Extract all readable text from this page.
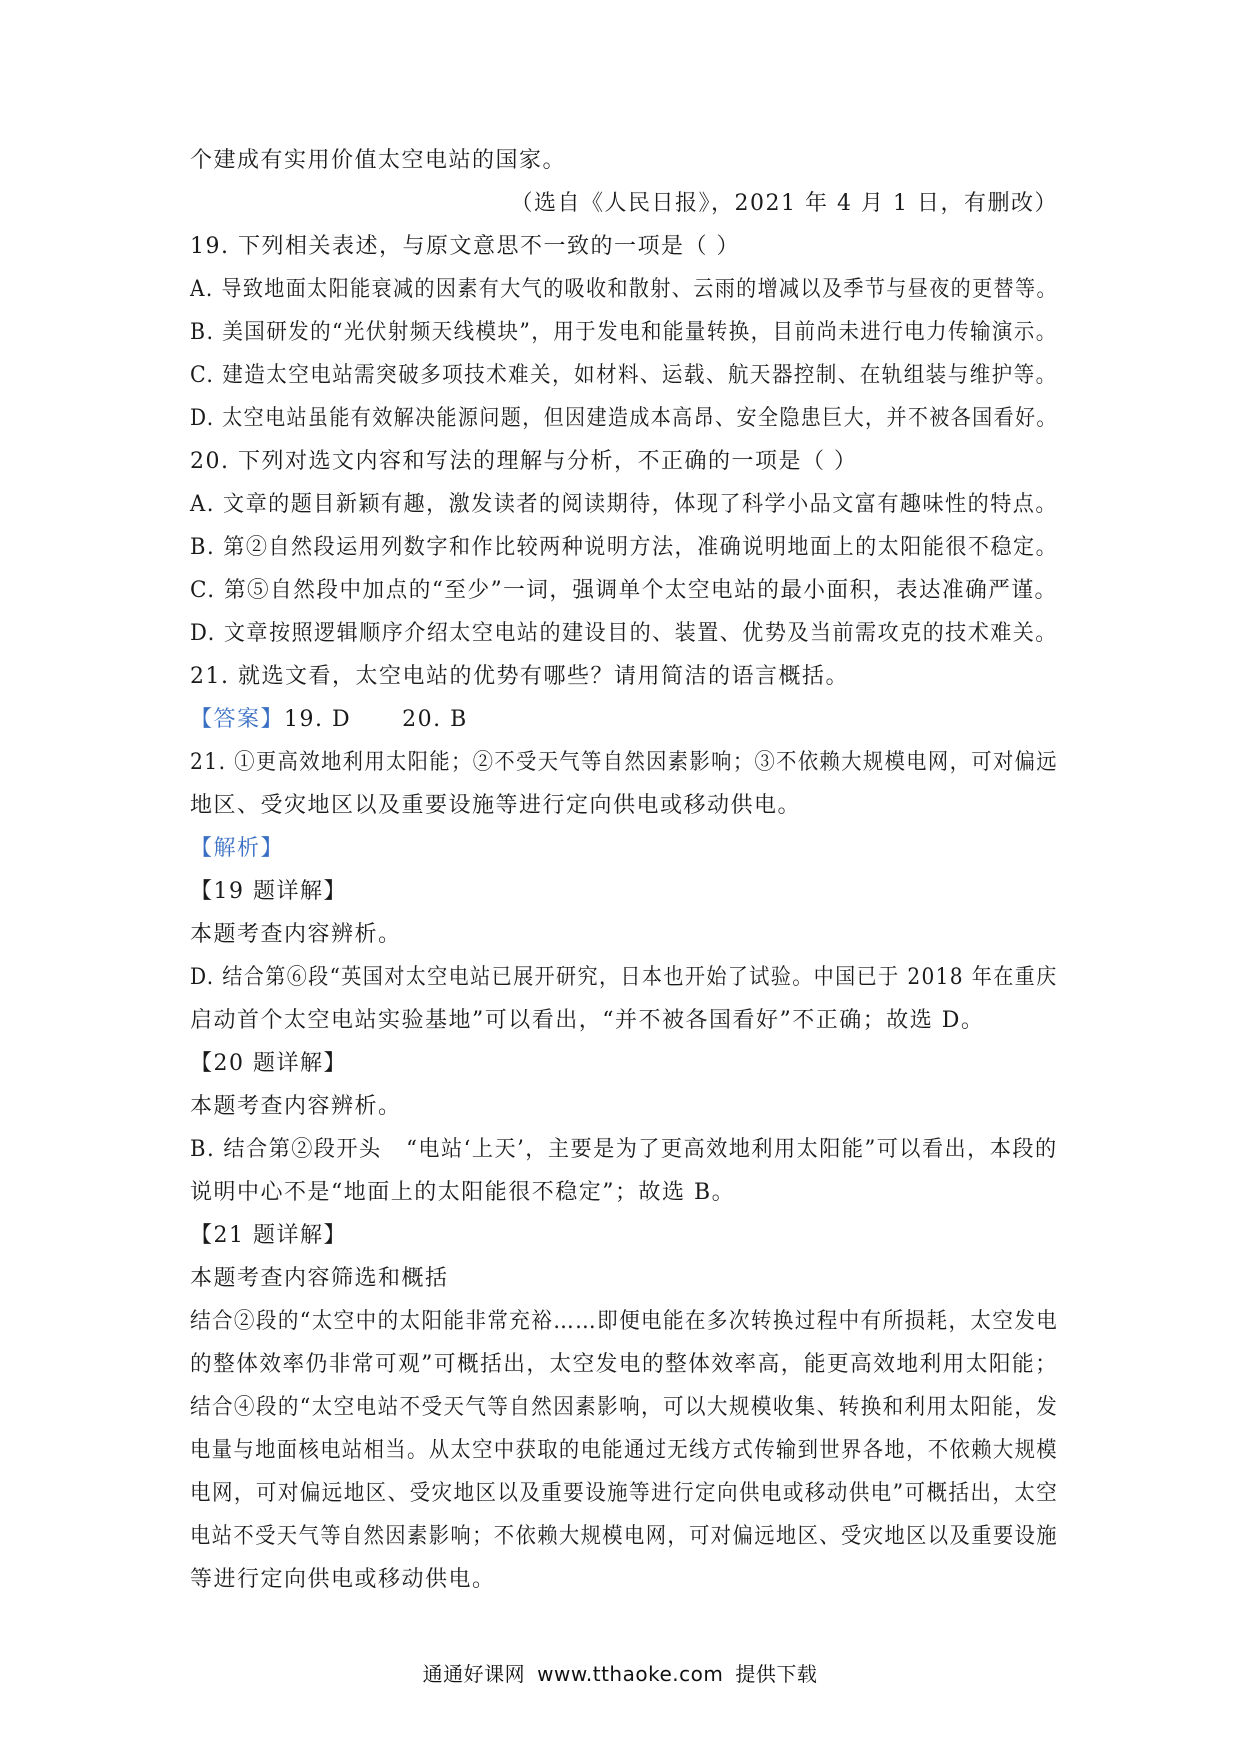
个建成有实用价值太空电站的国家。
（选自《人民日报》，2021 年 4 月 1 日，有删改）
19. 下列相关表述，与原文意思不一致的一项是（ ）
A. 导致地面太阳能衰减的因素有大气的吸收和散射、云雨的增减以及季节与昼夜的更替等。
B. 美国研发的“光伏射频天线模块”，用于发电和能量转换，目前尚未进行电力传输演示。
C. 建造太空电站需突破多项技术难关，如材料、运载、航天器控制、在轨组装与维护等。
D. 太空电站虽能有效解决能源问题，但因建造成本高昂、安全隐患巨大，并不被各国看好。
20. 下列对选文内容和写法的理解与分析，不正确的一项是（ ）
A. 文章的题目新颖有趣，激发读者的阅读期待，体现了科学小品文富有趣味性的特点。
B. 第②自然段运用列数字和作比较两种说明方法，准确说明地面上的太阳能很不稳定。
C. 第⑤自然段中加点的“至少”一词，强调单个太空电站的最小面积，表达准确严谨。
D. 文章按照逻辑顺序介绍太空电站的建设目的、装置、优势及当前需攻克的技术难关。
21. 就选文看，太空电站的优势有哪些？请用简洁的语言概括。
【答案】19. D      20. B
21. ①更高效地利用太阳能；②不受天气等自然因素影响；③不依赖大规模电网，可对偏远
地区、受灾地区以及重要设施等进行定向供电或移动供电。
【解析】
【19 题详解】
本题考查内容辨析。
D. 结合第⑥段“英国对太空电站已展开研究，日本也开始了试验。中国已于 2018 年在重庆
启动首个太空电站实验基地”可以看出，“并不被各国看好”不正确；故选 D。
【20 题详解】
本题考查内容辨析。
B. 结合第②段开头   “电站‘上天’，主要是为了更高效地利用太阳能”可以看出，本段的
说明中心不是“地面上的太阳能很不稳定”；故选 B。
【21 题详解】
本题考查内容筛选和概括
结合②段的“太空中的太阳能非常充裕……即便电能在多次转换过程中有所损耗，太空发电
的整体效率仍非常可观”可概括出，太空发电的整体效率高，能更高效地利用太阳能；
结合④段的“太空电站不受天气等自然因素影响，可以大规模收集、转换和利用太阳能，发
电量与地面核电站相当。从太空中获取的电能通过无线方式传输到世界各地，不依赖大规模
电网，可对偏远地区、受灾地区以及重要设施等进行定向供电或移动供电”可概括出，太空
电站不受天气等自然因素影响；不依赖大规模电网，可对偏远地区、受灾地区以及重要设施
等进行定向供电或移动供电。
通通好课网 www.tthaoke.com 提供下载
